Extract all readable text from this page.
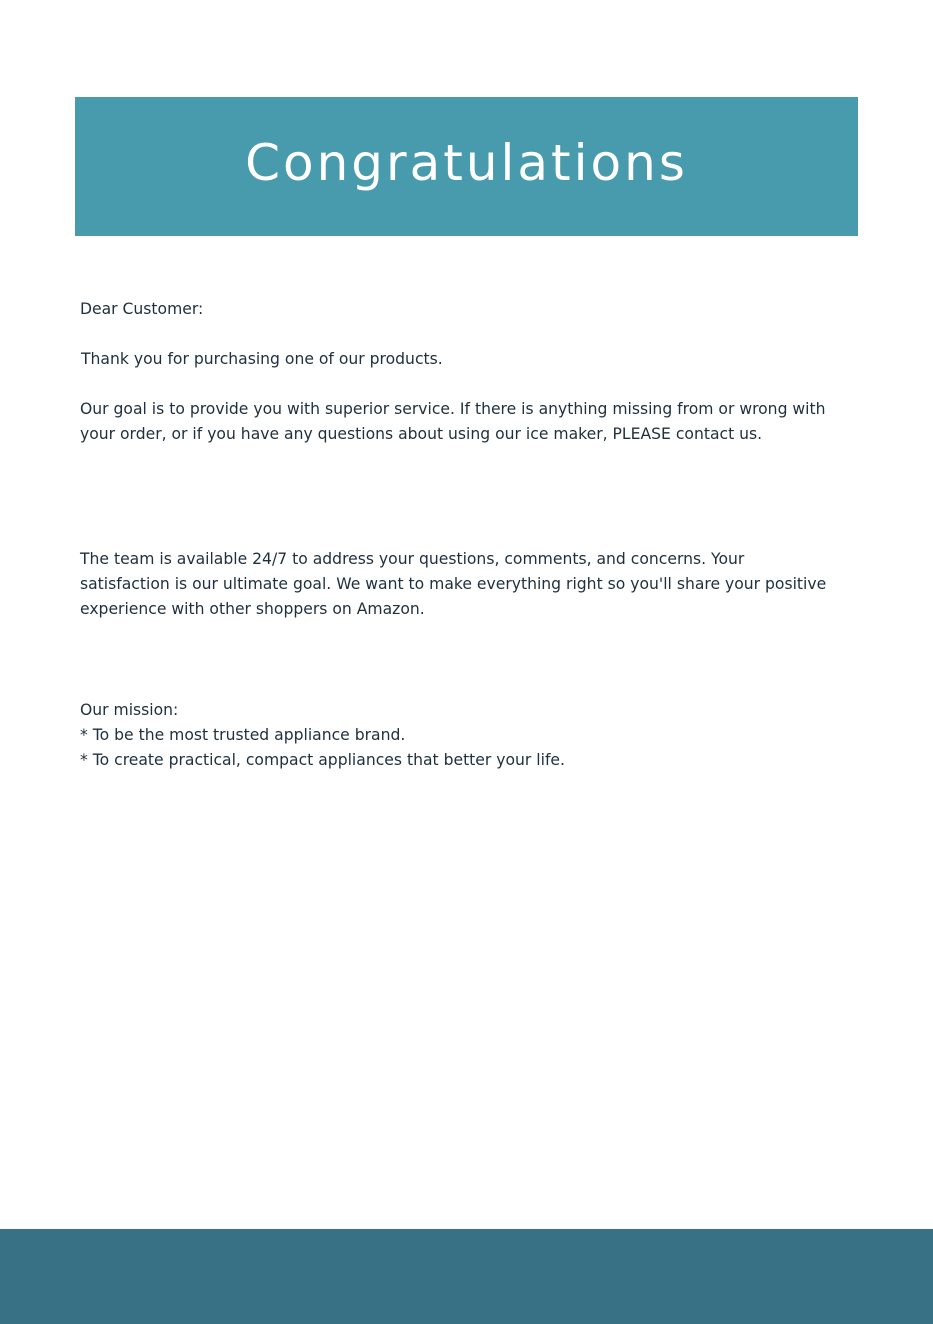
Congratulations

Dear Customer:

Thank you for purchasing one of our products.

Our goal is to provide you with superior service. If there is anything missing from or wrong with
your order, or if you have any questions about using our ice maker, PLEASE contact us.
The team is available 24/7 to address your questions, comments, and concerns. Your
satisfaction is our ultimate goal. We want to make everything right so you'll share your positive
experience with other shoppers on Amazon.
Our mission:
* To be the most trusted appliance brand.
* To create practical, compact appliances that better your life.
